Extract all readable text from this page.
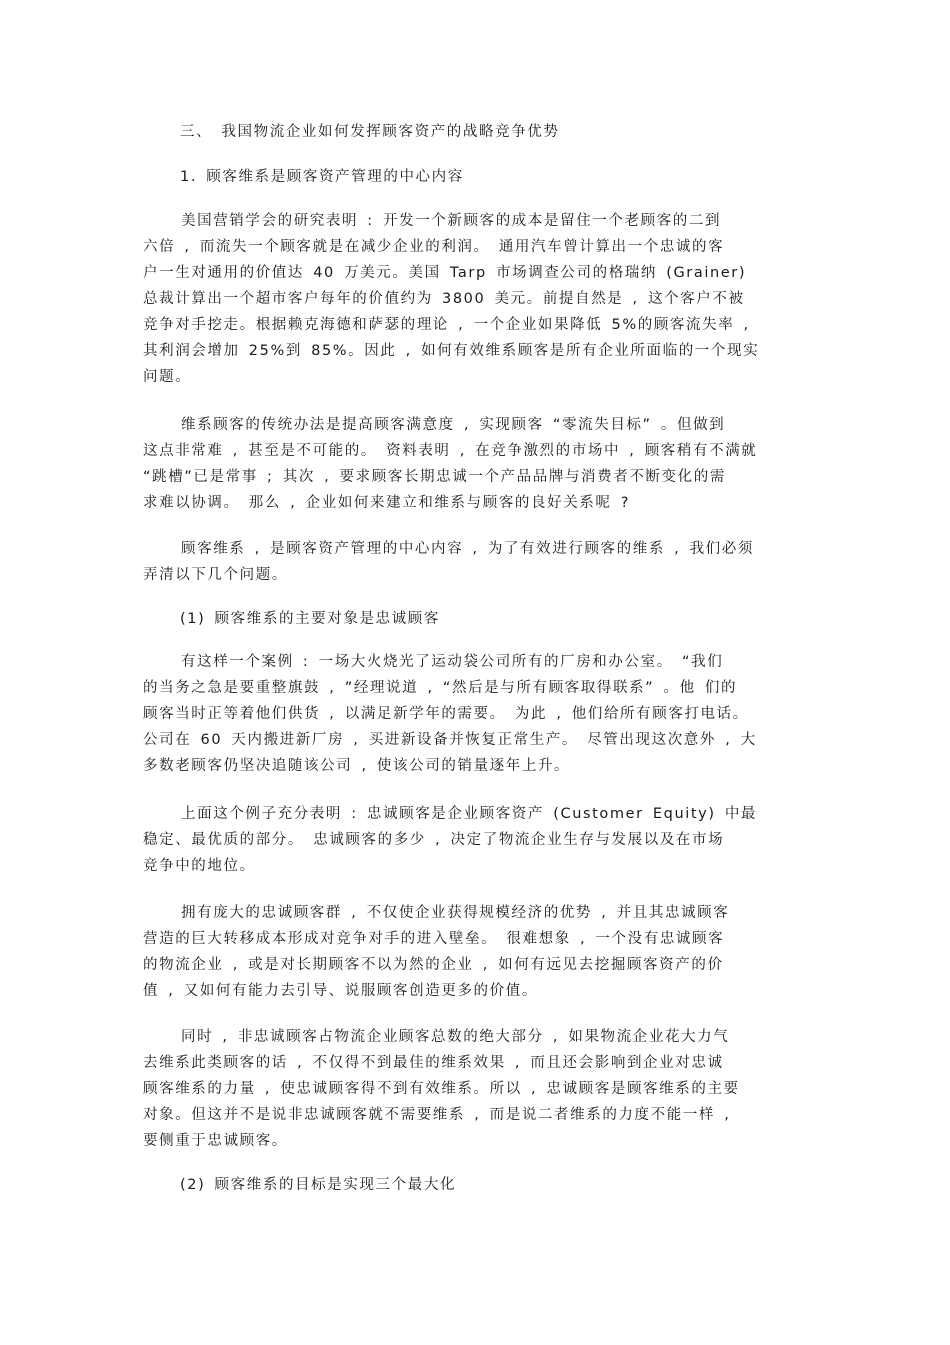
三、 我国物流企业如何发挥顾客资产的战略竞争优势
1. 顾客维系是顾客资产管理的中心内容
美国营销学会的研究表明 : 开发一个新顾客的成本是留住一个老顾客的二到
六倍 , 而流失一个顾客就是在减少企业的利润。 通用汽车曾计算出一个忠诚的客
户一生对通用的价值达 40 万美元。美国 Tarp 市场调查公司的格瑞纳 (Grainer)
总裁计算出一个超市客户每年的价值约为 3800 美元。前提自然是 , 这个客户不被
竞争对手挖走。根据赖克海德和萨瑟的理论 , 一个企业如果降低 5%的顾客流失率 ,
其利润会增加 25%到 85%。因此 , 如何有效维系顾客是所有企业所面临的一个现实
问题。
维系顾客的传统办法是提高顾客满意度 , 实现顾客 “零流失目标” 。但做到
这点非常难 , 甚至是不可能的。 资料表明 , 在竞争激烈的市场中 , 顾客稍有不满就
“跳槽”已是常事 ; 其次 , 要求顾客长期忠诚一个产品品牌与消费者不断变化的需
求难以协调。 那么 , 企业如何来建立和维系与顾客的良好关系呢 ?
顾客维系 , 是顾客资产管理的中心内容 , 为了有效进行顾客的维系 , 我们必须
弄清以下几个问题。
(1) 顾客维系的主要对象是忠诚顾客
有这样一个案例 : 一场大火烧光了运动袋公司所有的厂房和办公室。 “我们
的当务之急是要重整旗鼓 , ”经理说道 , “然后是与所有顾客取得联系” 。他 们的
顾客当时正等着他们供货 , 以满足新学年的需要。 为此 , 他们给所有顾客打电话。
公司在 60 天内搬进新厂房 , 买进新设备并恢复正常生产。 尽管出现这次意外 , 大
多数老顾客仍坚决追随该公司 , 使该公司的销量逐年上升。
上面这个例子充分表明 : 忠诚顾客是企业顾客资产 (Customer Equity) 中最
稳定、最优质的部分。 忠诚顾客的多少 , 决定了物流企业生存与发展以及在市场
竞争中的地位。
拥有庞大的忠诚顾客群 , 不仅使企业获得规模经济的优势 , 并且其忠诚顾客
营造的巨大转移成本形成对竞争对手的进入壁垒。 很难想象 , 一个没有忠诚顾客
的物流企业 , 或是对长期顾客不以为然的企业 , 如何有远见去挖掘顾客资产的价
值 , 又如何有能力去引导、说服顾客创造更多的价值。
同时 , 非忠诚顾客占物流企业顾客总数的绝大部分 , 如果物流企业花大力气
去维系此类顾客的话 , 不仅得不到最佳的维系效果 , 而且还会影响到企业对忠诚
顾客维系的力量 , 使忠诚顾客得不到有效维系。所以 , 忠诚顾客是顾客维系的主要
对象。但这并不是说非忠诚顾客就不需要维系 , 而是说二者维系的力度不能一样 ,
要侧重于忠诚顾客。
(2) 顾客维系的目标是实现三个最大化
